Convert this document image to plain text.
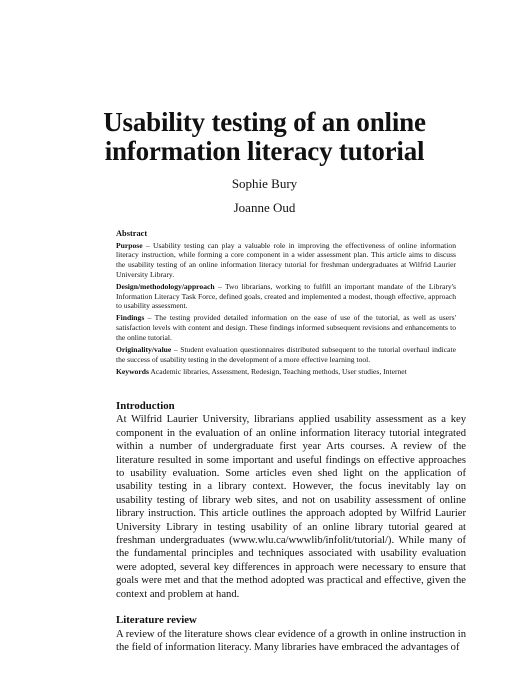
Usability testing of an online information literacy tutorial
Sophie Bury
Joanne Oud
Abstract

Purpose – Usability testing can play a valuable role in improving the effectiveness of online information literacy instruction, while forming a core component in a wider assessment plan. This article aims to discuss the usability testing of an online information literacy tutorial for freshman undergraduates at Wilfrid Laurier University Library.

Design/methodology/approach – Two librarians, working to fulfill an important mandate of the Library's Information Literacy Task Force, defined goals, created and implemented a modest, though effective, approach to usability assessment.

Findings – The testing provided detailed information on the ease of use of the tutorial, as well as users' satisfaction levels with content and design. These findings informed subsequent revisions and enhancements to the online tutorial.

Originality/value – Student evaluation questionnaires distributed subsequent to the tutorial overhaul indicate the success of usability testing in the development of a more effective learning tool.

Keywords Academic libraries, Assessment, Redesign, Teaching methods, User studies, Internet

Introduction

At Wilfrid Laurier University, librarians applied usability assessment as a key component in the evaluation of an online information literacy tutorial integrated within a number of undergraduate first year Arts courses. A review of the literature resulted in some important and useful findings on effective approaches to usability evaluation. Some articles even shed light on the application of usability testing in a library context. However, the focus inevitably lay on usability testing of library web sites, and not on usability assessment of online library instruction. This article outlines the approach adopted by Wilfrid Laurier University Library in testing usability of an online library tutorial geared at freshman undergraduates (www.wlu.ca/wwwlib/infolit/tutorial/). While many of the fundamental principles and techniques associated with usability evaluation were adopted, several key differences in approach were necessary to ensure that goals were met and that the method adopted was practical and effective, given the context and problem at hand.

Literature review

A review of the literature shows clear evidence of a growth in online instruction in the field of information literacy. Many libraries have embraced the advantages of
